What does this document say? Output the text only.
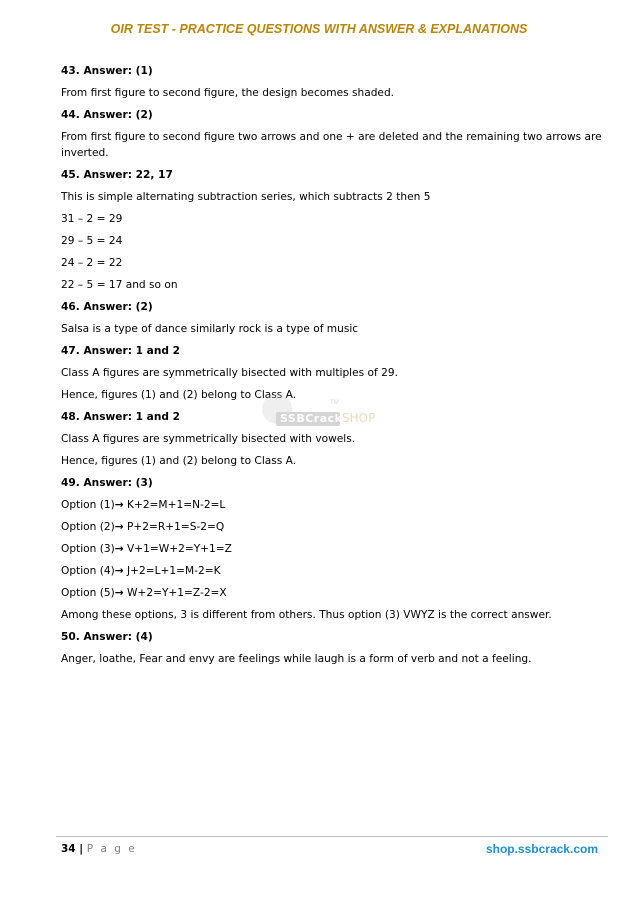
OIR TEST - PRACTICE QUESTIONS WITH ANSWER & EXPLANATIONS
43. Answer: (1)
From first figure to second figure, the design becomes shaded.
44. Answer: (2)
From first figure to second figure two arrows and one + are deleted and the remaining two arrows are inverted.
45. Answer: 22, 17
This is simple alternating subtraction series, which subtracts 2 then 5
31 – 2 = 29
29 – 5 = 24
24 – 2 = 22
22 – 5 = 17 and so on
46. Answer: (2)
Salsa is a type of dance similarly rock is a type of music
47. Answer: 1 and 2
Class A figures are symmetrically bisected with multiples of 29.
Hence, figures (1) and (2) belong to Class A.
48. Answer: 1 and 2
Class A figures are symmetrically bisected with vowels.
Hence, figures (1) and (2) belong to Class A.
49. Answer: (3)
Option (1)→ K+2=M+1=N-2=L
Option (2)→ P+2=R+1=S-2=Q
Option (3)→ V+1=W+2=Y+1=Z
Option (4)→ J+2=L+1=M-2=K
Option (5)→ W+2=Y+1=Z-2=X
Among these options, 3 is different from others. Thus option (3) VWYZ is the correct answer.
50. Answer: (4)
Anger, loathe, Fear and envy are feelings while laugh is a form of verb and not a feeling.
SSBCrack
TM
SHOP
34 | P a g e	shop.ssbcrack.com
